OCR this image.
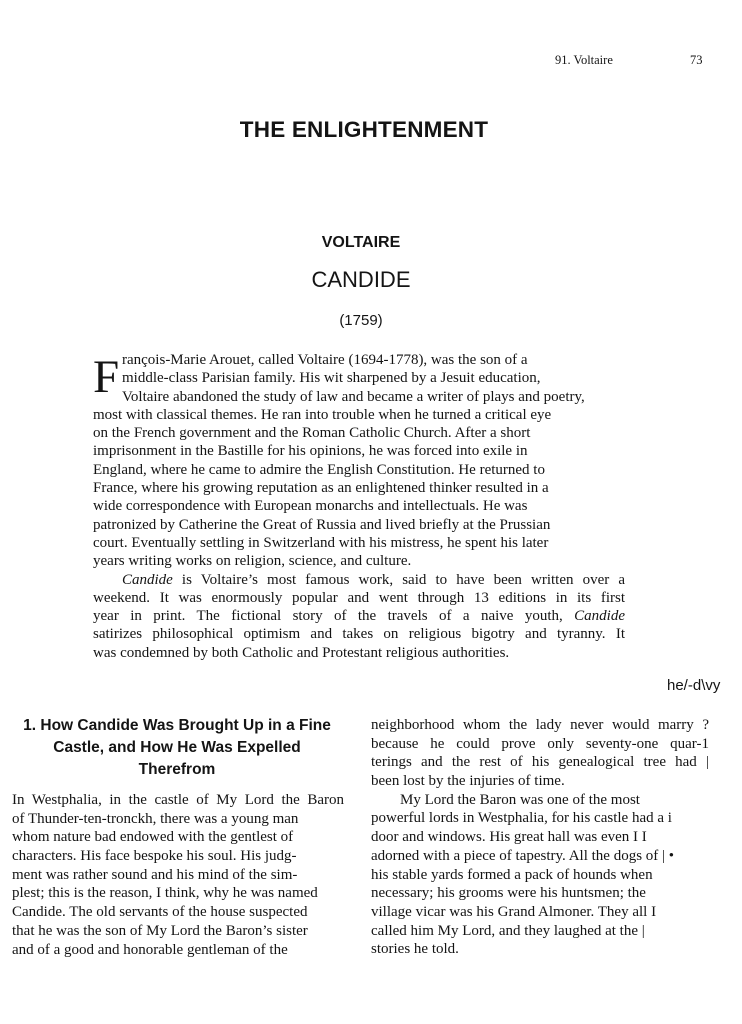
91. Voltaire	73
THE ENLIGHTENMENT
VOLTAIRE
CANDIDE
(1759)
F rançois-Marie Arouet, called Voltaire (1694-1778), was the son of a
middle-class Parisian family. His wit sharpened by a Jesuit education,
Voltaire abandoned the study of law and became a writer of plays and poetry,
most with classical themes. He ran into trouble when he turned a critical eye
on the French government and the Roman Catholic Church. After a short
imprisonment in the Bastille for his opinions, he was forced into exile in
England, where he came to admire the English Constitution. He returned to
France, where his growing reputation as an enlightened thinker resulted in a
wide correspondence with European monarchs and intellectuals. He was
patronized by Catherine the Great of Russia and lived briefly at the Prussian
court. Eventually settling in Switzerland with his mistress, he spent his later
years writing works on religion, science, and culture.
Candide is Voltaire’s most famous work, said to have been written over a
weekend. It was enormously popular and went through 13 editions in its first
year in print. The fictional story of the travels of a naive youth, Candide
satirizes philosophical optimism and takes on religious bigotry and tyranny. It
was condemned by both Catholic and Protestant religious authorities.
he/-d\vy
1. How Candide Was Brought Up in a Fine
Castle, and How He Was Expelled
Therefrom
In Westphalia, in the castle of My Lord the Baron
of Thunder-ten-tronckh, there was a young man
whom nature bad endowed with the gentlest of
characters. His face bespoke his soul. His judg-
ment was rather sound and his mind of the sim-
plest; this is the reason, I think, why he was named
Candide. The old servants of the house suspected
that he was the son of My Lord the Baron’s sister
and of a good and honorable gentleman of the
neighborhood whom the lady never would marry ?
because he could prove only seventy-one quar-1
terings and the rest of his genealogical tree had |
been lost by the injuries of time.
My Lord the Baron was one of the most
powerful lords in Westphalia, for his castle had a i
door and windows. His great hall was even I I
adorned with a piece of tapestry. All the dogs of | •
his stable yards formed a pack of hounds when
necessary; his grooms were his huntsmen; the
village vicar was his Grand Almoner. They all I
called him My Lord, and they laughed at the |
stories he told.
